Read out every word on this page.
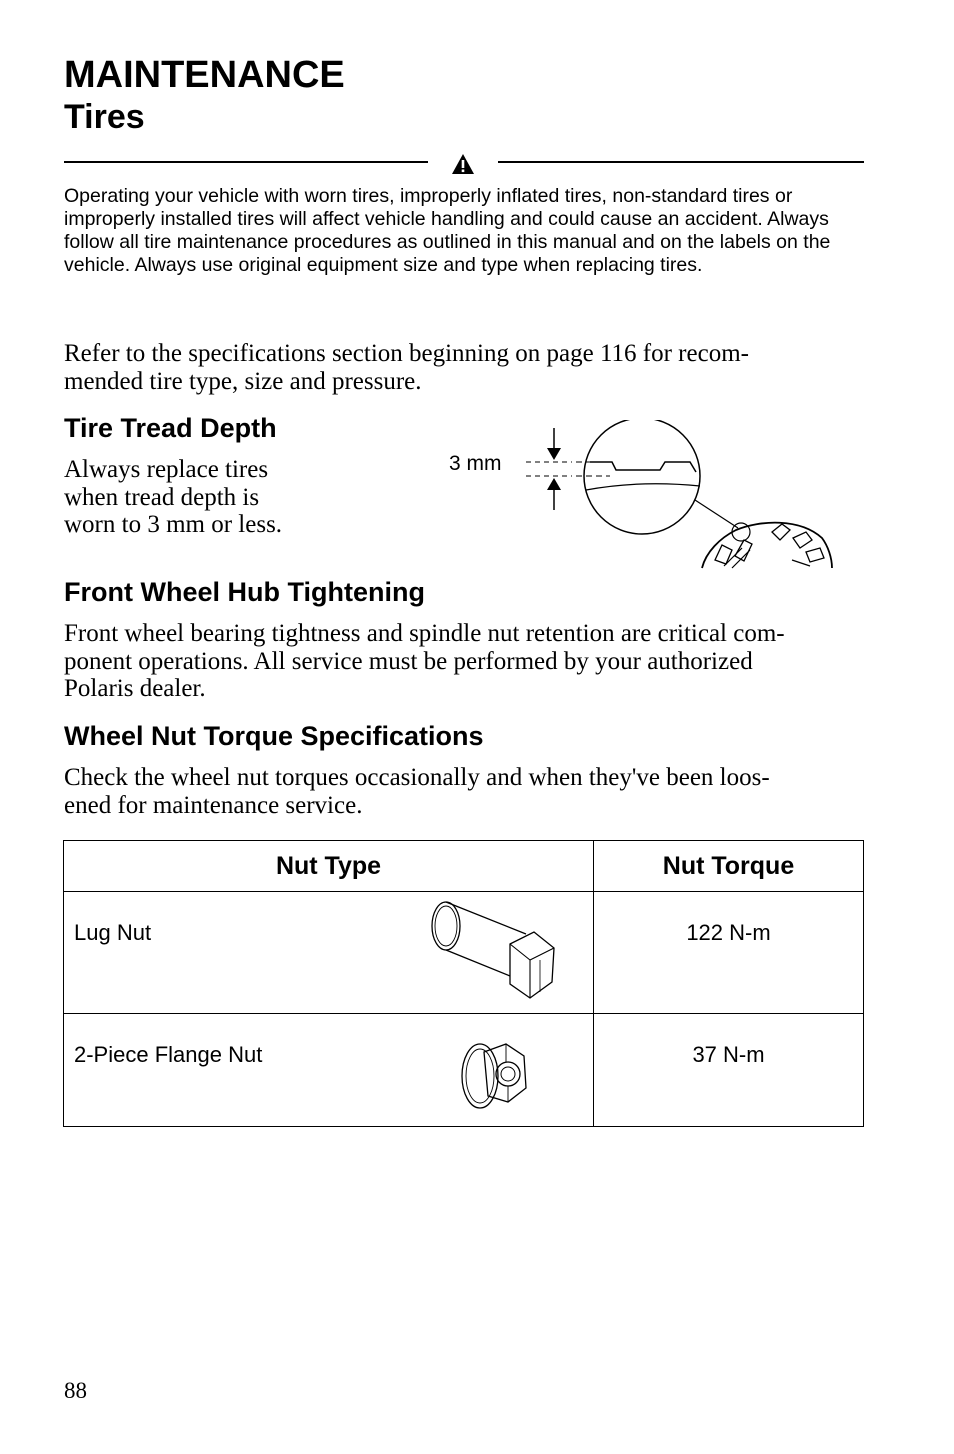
MAINTENANCE
Tires
Operating your vehicle with worn tires, improperly inflated tires, non-standard tires or improperly installed tires will affect vehicle handling and could cause an accident. Always follow all tire maintenance procedures as outlined in this manual and on the labels on the vehicle. Always use original equipment size and type when replacing tires.
Refer to the specifications section beginning on page 116 for recom-
mended tire type, size and pressure.
Tire Tread Depth
Always replace tires
when tread depth is
worn to 3 mm or less.
3 mm
Front Wheel Hub Tightening
Front wheel bearing tightness and spindle nut retention are critical com-
ponent operations. All service must be performed by your authorized
Polaris dealer.
Wheel Nut Torque Specifications
Check the wheel nut torques occasionally and when they've been loos-
ened for maintenance service.
Nut Type	Nut Torque

Lug Nut	122 N-m

2-Piece Flange Nut	37 N-m
88
